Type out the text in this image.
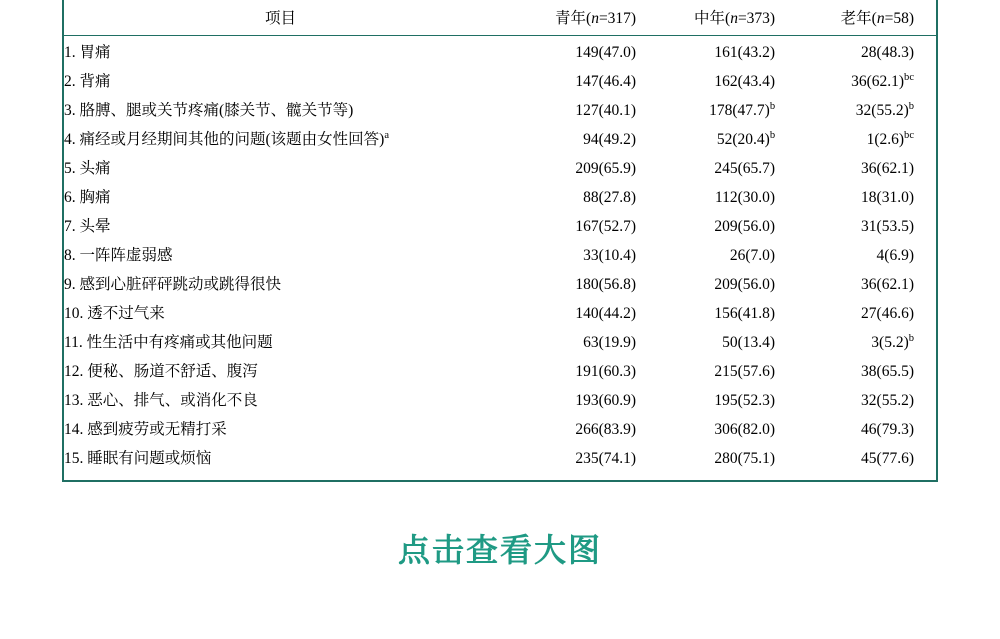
项目	青年(n=317)	中年(n=373)	老年(n=58)
1. 胃痛	149(47.0)	161(43.2)	28(48.3)
2. 背痛	147(46.4)	162(43.4)	$36(62.1)^{bc}$
3. 胳膊、腿或关节疼痛(膝关节、髋关节等)	127(40.1)	$178(47.7)^b$	$32(55.2)^b$
4. 痛经或月经期间其他的问题(该题由女性回答)$^a$	94(49.2)	$52(20.4)^b$	$1(2.6)^{bc}$
5. 头痛	209(65.9)	245(65.7)	36(62.1)
6. 胸痛	88(27.8)	112(30.0)	18(31.0)
7. 头晕	167(52.7)	209(56.0)	31(53.5)
8. 一阵阵虚弱感	33(10.4)	26(7.0)	4(6.9)
9. 感到心脏砰砰跳动或跳得很快	180(56.8)	209(56.0)	36(62.1)
10. 透不过气来	140(44.2)	156(41.8)	27(46.6)
11. 性生活中有疼痛或其他问题	63(19.9)	50(13.4)	$3(5.2)^b$
12. 便秘、肠道不舒适、腹泻	191(60.3)	215(57.6)	38(65.5)
13. 恶心、排气、或消化不良	193(60.9)	195(52.3)	32(55.2)
14. 感到疲劳或无精打采	266(83.9)	306(82.0)	46(79.3)
15. 睡眠有问题或烦恼	235(74.1)	280(75.1)	45(77.6)
点击查看大图
